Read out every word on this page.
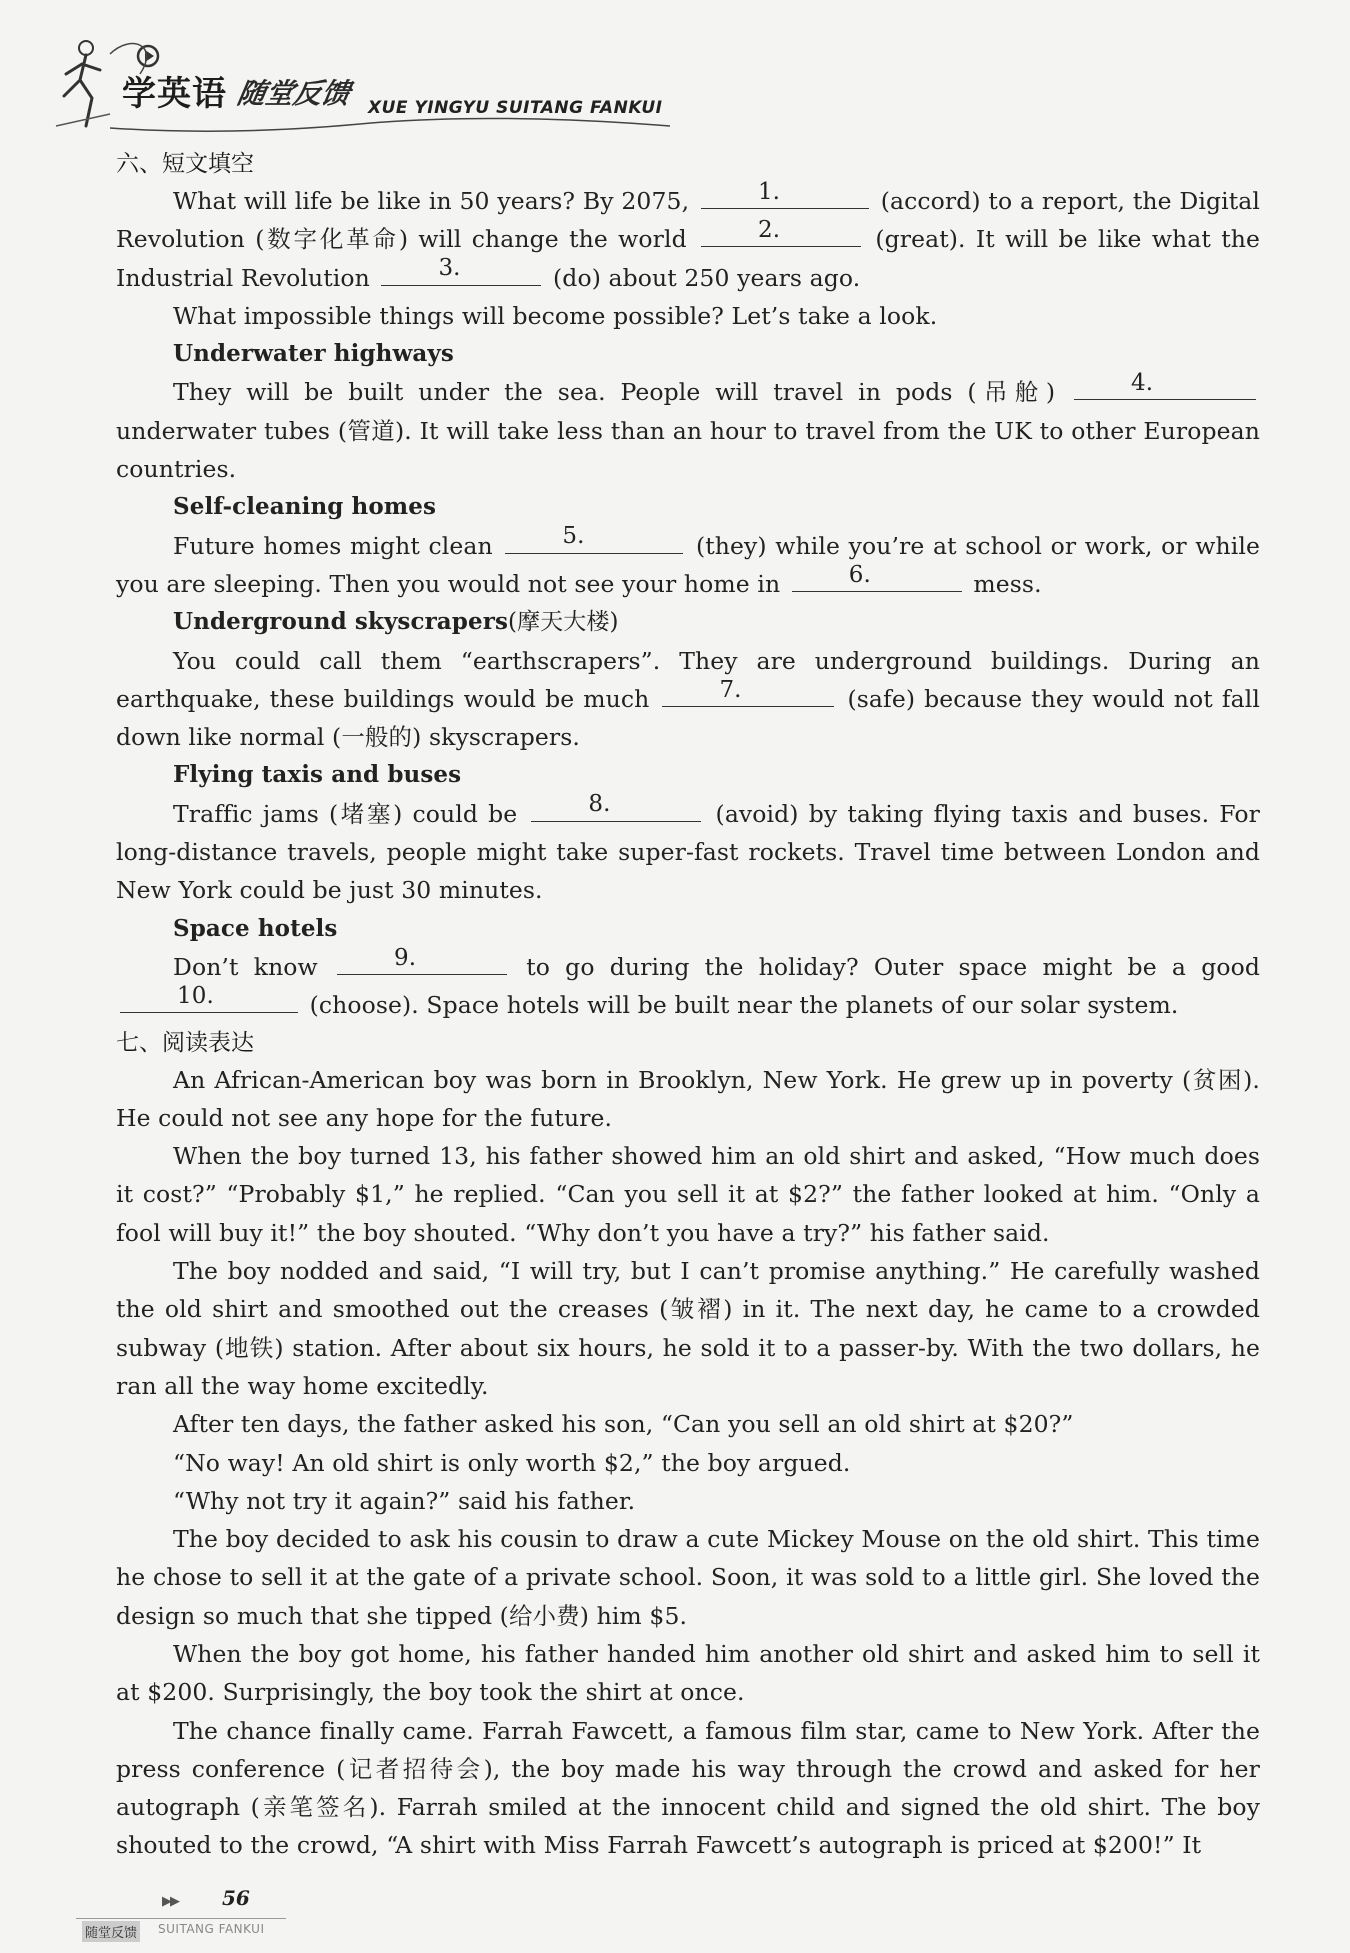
学英语 随堂反馈 XUE YINGYU SUITANG FANKUI
六、短文填空

What will life be like in 50 years? By 2075,	1.	(accord) to a report, the Digital Revolution (数字化革命) will change the world	2.	(great). It will be like what the Industrial Revolution	3.	(do) about 250 years ago.

What impossible things will become possible? Let’s take a look.

Underwater highways

They will be built under the sea. People will travel in pods (吊舱)	4.
underwater tubes (管道). It will take less than an hour to travel from the UK to other European countries.

Self-cleaning homes

Future homes might clean	5.	(they) while you’re at school or work, or while you are sleeping. Then you would not see your home in	6.	mess.

Underground skyscrapers(摩天大楼)

You could call them “earthscrapers”. They are underground buildings. During an earthquake, these buildings would be much	7.	(safe) because they would not fall down like normal (一般的) skyscrapers.

Flying taxis and buses

Traffic jams (堵塞) could be	8.	(avoid) by taking flying taxis and buses. For long-distance travels, people might take super-fast rockets. Travel time between London and New York could be just 30 minutes.

Space hotels

Don’t know	9.	to go during the holiday? Outer space might be a good
10.	(choose). Space hotels will be built near the planets of our solar system.

七、阅读表达

An African-American boy was born in Brooklyn, New York. He grew up in poverty (贫困). He could not see any hope for the future.

When the boy turned 13, his father showed him an old shirt and asked, “How much does it cost?” “Probably $1,” he replied. “Can you sell it at $2?” the father looked at him. “Only a fool will buy it!” the boy shouted. “Why don’t you have a try?” his father said.

The boy nodded and said, “I will try, but I can’t promise anything.” He carefully washed the old shirt and smoothed out the creases (皱褶) in it. The next day, he came to a crowded subway (地铁) station. After about six hours, he sold it to a passer-by. With the two dollars, he ran all the way home excitedly.

After ten days, the father asked his son, “Can you sell an old shirt at $20?”

“No way! An old shirt is only worth $2,” the boy argued.

“Why not try it again?” said his father.

The boy decided to ask his cousin to draw a cute Mickey Mouse on the old shirt. This time he chose to sell it at the gate of a private school. Soon, it was sold to a little girl. She loved the design so much that she tipped (给小费) him $5.

When the boy got home, his father handed him another old shirt and asked him to sell it at $200. Surprisingly, the boy took the shirt at once.

The chance finally came. Farrah Fawcett, a famous film star, came to New York. After the press conference (记者招待会), the boy made his way through the crowd and asked for her autograph (亲笔签名). Farrah smiled at the innocent child and signed the old shirt. The boy shouted to the crowd, “A shirt with Miss Farrah Fawcett’s autograph is priced at $200!” It

▶▶ 56
随堂反馈 SUITANG FANKUI
